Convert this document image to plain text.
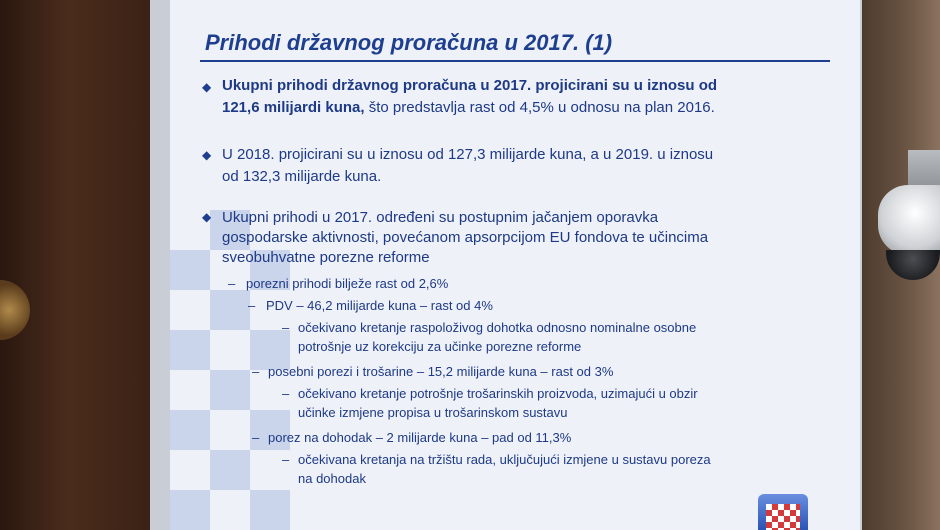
Prihodi državnog proračuna u 2017. (1)
◆ Ukupni prihodi državnog proračuna u 2017. projicirani su u iznosu od
121,6 milijardi kuna, što predstavlja rast od 4,5% u odnosu na plan 2016.
◆ U 2018. projicirani su u iznosu od 127,3 milijarde kuna, a u 2019. u iznosu
od 132,3 milijarde kuna.
◆ Ukupni prihodi u 2017. određeni su postupnim jačanjem oporavka
gospodarske aktivnosti, povećanom apsorpcijom EU fondova te učincima
sveobuhvatne porezne reforme
– porezni prihodi bilježe rast od 2,6%
– PDV – 46,2 milijarde kuna – rast od 4%
– očekivano kretanje raspoloživog dohotka odnosno nominalne osobne
potrošnje uz korekciju za učinke porezne reforme
– posebni porezi i trošarine – 15,2 milijarde kuna – rast od 3%
– očekivano kretanje potrošnje trošarinskih proizvoda, uzimajući u obzir
učinke izmjene propisa u trošarinskom sustavu
– porez na dohodak – 2 milijarde kuna – pad od 11,3%
– očekivana kretanja na tržištu rada, uključujući izmjene u sustavu poreza
na dohodak
